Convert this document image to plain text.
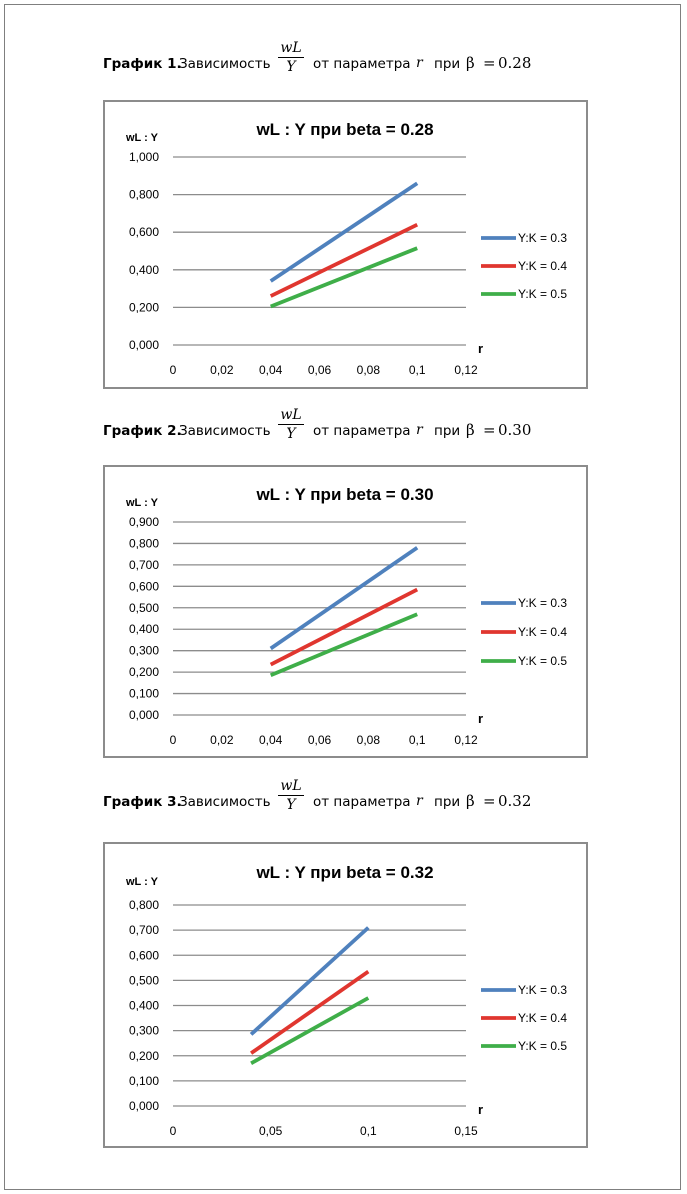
График 1.
Зависимость
wL
Y от параметра r при β = 0.28
График 2.
Зависимость
wL
Y от параметра r при β = 0.30
График 3.
Зависимость
wL
Y от параметра r при β = 0.32
wL : Y при beta = 0.28
wL : Y
0,000
0,200
0,400
0,600
0,800
1,000
0	0,02 0,04 0,06 0,08 0,1 0,12
r
Y:K = 0.3
Y:K = 0.4
Y:K = 0.5
wL : Y при beta = 0.30
wL : Y
0,000
0,100
0,200
0,300
0,400
0,500
0,600
0,700
0,800
0,900
0	0,02 0,04 0,06 0,08 0,1 0,12
r
Y:K = 0.3
Y:K = 0.4
Y:K = 0.5
wL : Y при beta = 0.32
wL : Y
0,000
0,100
0,200
0,300
0,400
0,500
0,600
0,700
0,800
0	0,05	0,1	0,15
r
Y:K = 0.3
Y:K = 0.4
Y:K = 0.5
